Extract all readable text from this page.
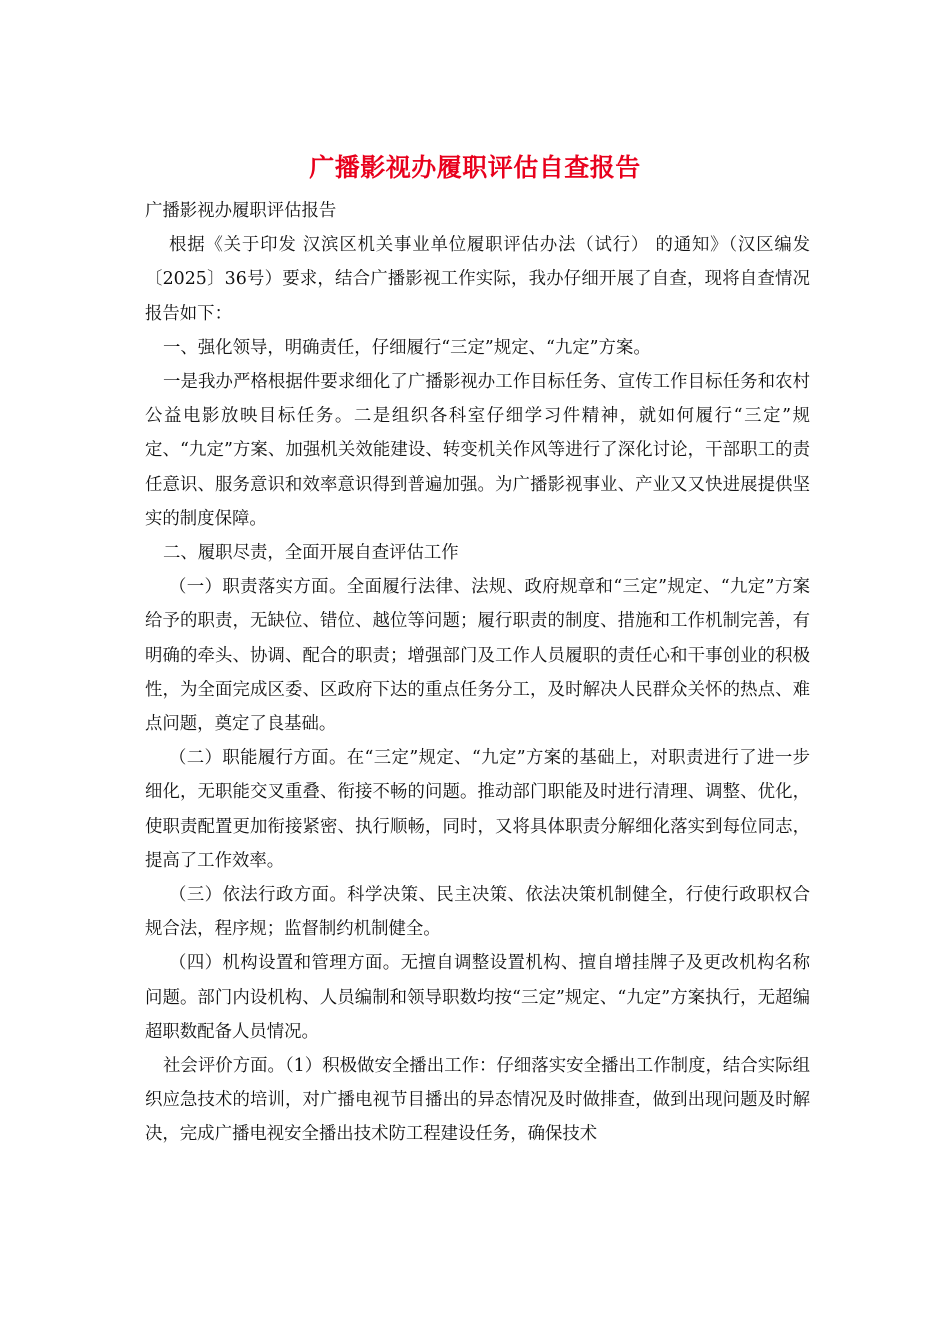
广播影视办履职评估自查报告

广播影视办履职评估报告

根据《关于印发 汉滨区机关事业单位履职评估办法（试行） 的通知》（汉区编发〔2025〕36号）要求，结合广播影视工作实际，我办仔细开展了自查，现将自查情况报告如下：

一、强化领导，明确责任，仔细履行“三定”规定、“九定”方案。

一是我办严格根据件要求细化了广播影视办工作目标任务、宣传工作目标任务和农村公益电影放映目标任务。二是组织各科室仔细学习件精神，就如何履行“三定”规定、“九定”方案、加强机关效能建设、转变机关作风等进行了深化讨论，干部职工的责任意识、服务意识和效率意识得到普遍加强。为广播影视事业、产业又又快进展提供坚实的制度保障。

二、履职尽责，全面开展自查评估工作

（一）职责落实方面。全面履行法律、法规、政府规章和“三定”规定、“九定”方案给予的职责，无缺位、错位、越位等问题；履行职责的制度、措施和工作机制完善，有明确的牵头、协调、配合的职责；增强部门及工作人员履职的责任心和干事创业的积极性，为全面完成区委、区政府下达的重点任务分工，及时解决人民群众关怀的热点、难点问题，奠定了良基础。

（二）职能履行方面。在“三定”规定、“九定”方案的基础上，对职责进行了进一步细化，无职能交叉重叠、衔接不畅的问题。推动部门职能及时进行清理、调整、优化，使职责配置更加衔接紧密、执行顺畅，同时，又将具体职责分解细化落实到每位同志，提高了工作效率。

（三）依法行政方面。科学决策、民主决策、依法决策机制健全，行使行政职权合规合法，程序规；监督制约机制健全。

（四）机构设置和管理方面。无擅自调整设置机构、擅自增挂牌子及更改机构名称问题。部门内设机构、人员编制和领导职数均按“三定”规定、“九定”方案执行，无超编超职数配备人员情况。

社会评价方面。（1）积极做安全播出工作：仔细落实安全播出工作制度，结合实际组织应急技术的培训，对广播电视节目播出的异态情况及时做排查，做到出现问题及时解决，完成广播电视安全播出技术防工程建设任务，确保技术
